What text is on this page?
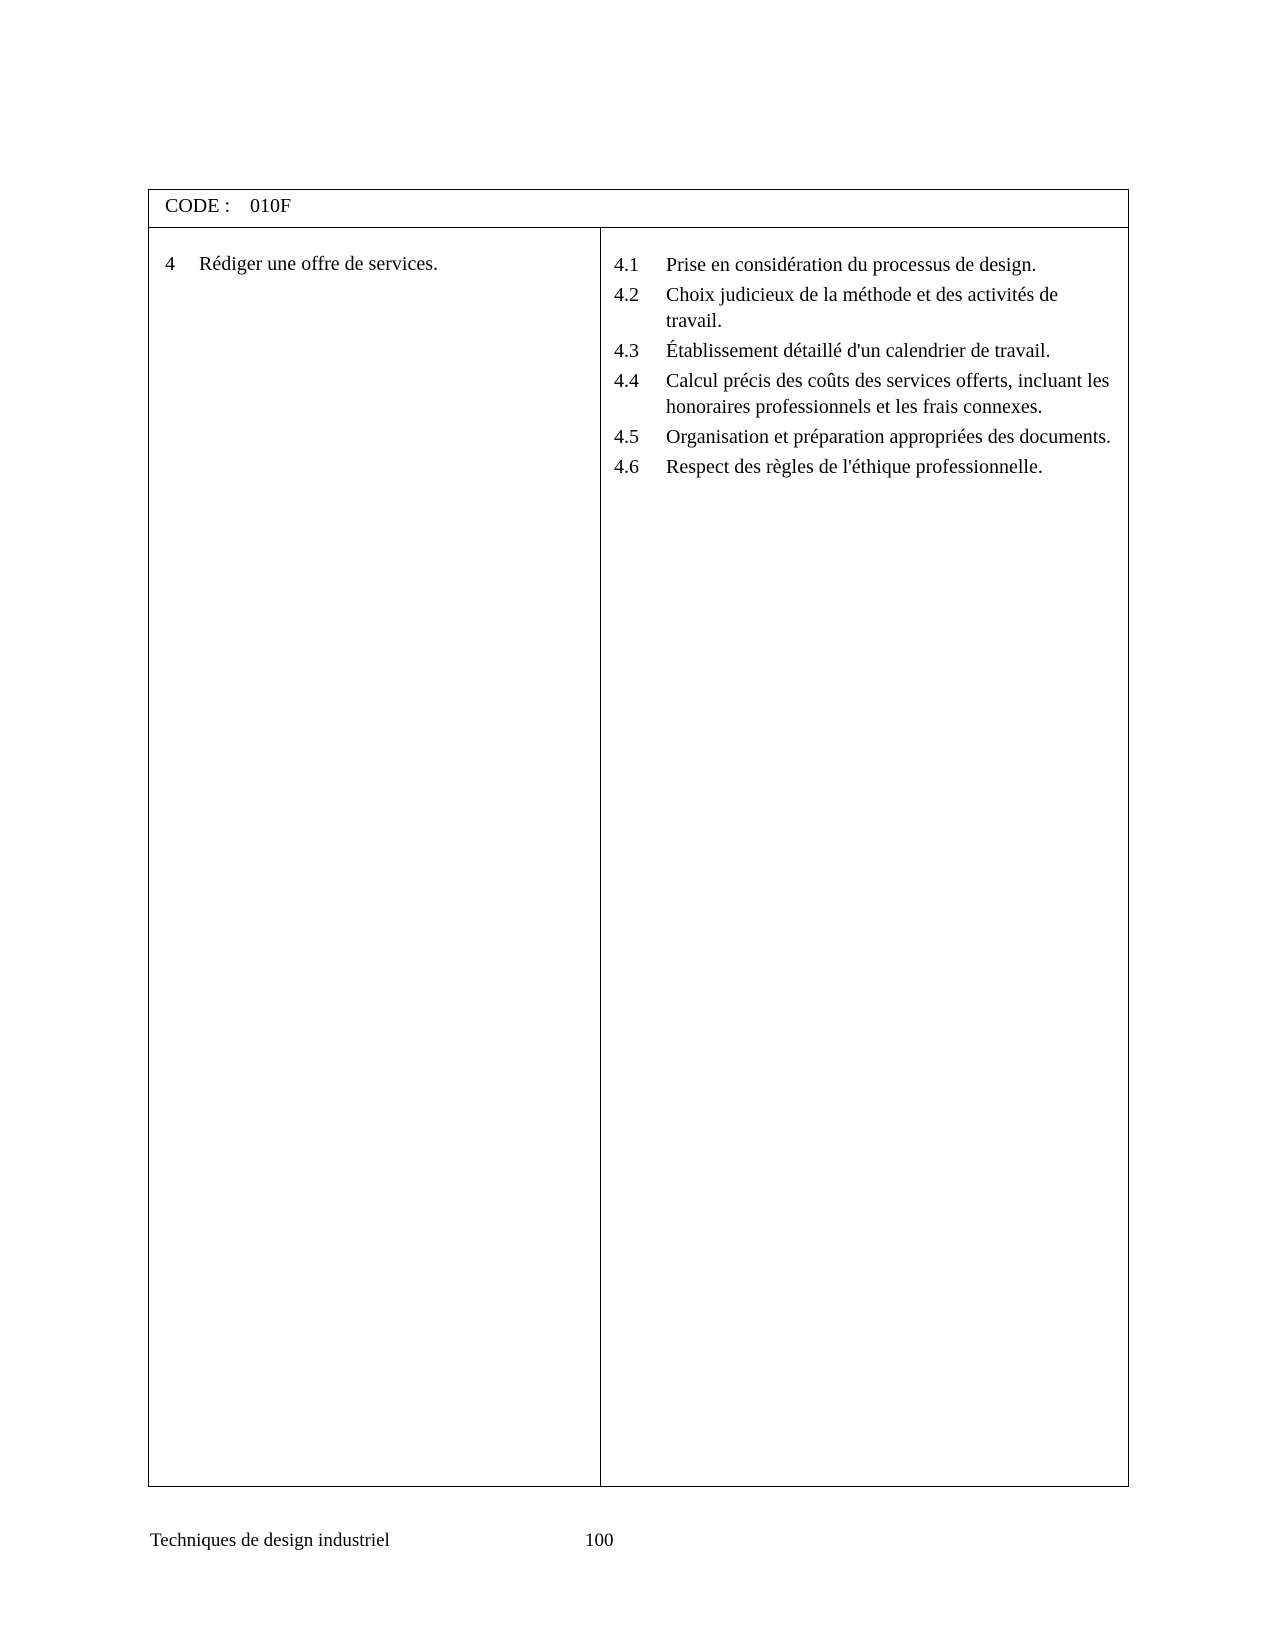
CODE : 010F
4 Rédiger une offre de services.	4.1	Prise en considération du processus de design.
4.2	Choix judicieux de la méthode et des activités de travail.
4.3	Établissement détaillé d'un calendrier de travail.
4.4	Calcul précis des coûts des services offerts, incluant les honoraires professionnels et les frais connexes.
4.5	Organisation et préparation appropriées des documents.
4.6	Respect des règles de l'éthique professionnelle.
Techniques de design industriel	100
